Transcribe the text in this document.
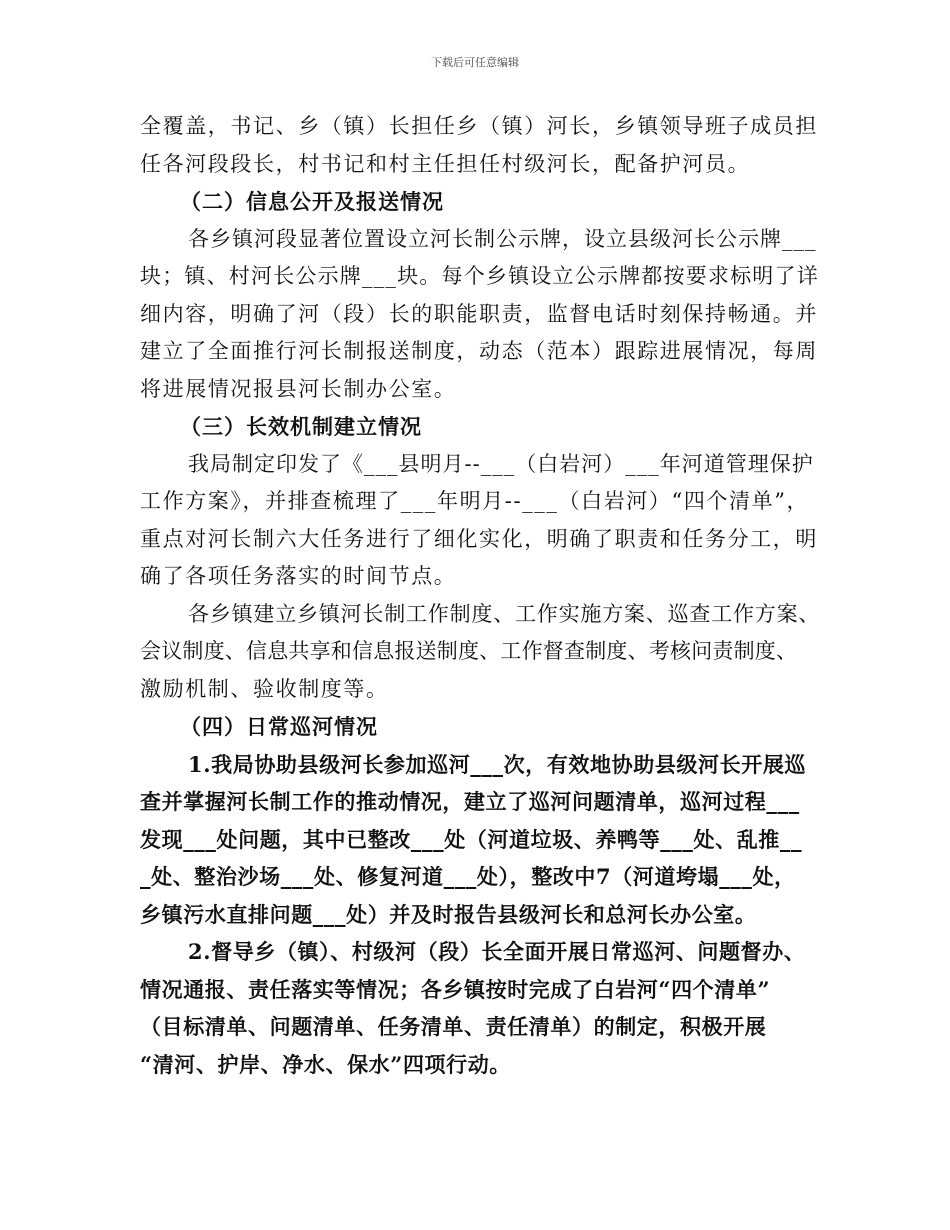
下载后可任意编辑
全覆盖，书记、乡（镇）长担任乡（镇）河长，乡镇领导班子成员担
任各河段段长，村书记和村主任担任村级河长，配备护河员。
（二）信息公开及报送情况
各乡镇河段显著位置设立河长制公示牌，设立县级河长公示牌___
块；镇、村河长公示牌___块。每个乡镇设立公示牌都按要求标明了详
细内容，明确了河（段）长的职能职责，监督电话时刻保持畅通。并
建立了全面推行河长制报送制度，动态（范本）跟踪进展情况，每周
将进展情况报县河长制办公室。
（三）长效机制建立情况
我局制定印发了《___县明月--___（白岩河）___年河道管理保护
工作方案》，并排查梳理了___年明月--___（白岩河）“四个清单”，
重点对河长制六大任务进行了细化实化，明确了职责和任务分工，明
确了各项任务落实的时间节点。
各乡镇建立乡镇河长制工作制度、工作实施方案、巡查工作方案、
会议制度、信息共享和信息报送制度、工作督查制度、考核问责制度、
激励机制、验收制度等。
（四）日常巡河情况
1.我局协助县级河长参加巡河___次，有效地协助县级河长开展巡
查并掌握河长制工作的推动情况，建立了巡河问题清单，巡河过程___
发现___处问题，其中已整改___处（河道垃圾、养鸭等___处、乱推__
_处、整治沙场___处、修复河道___处），整改中7（河道垮塌___处，
乡镇污水直排问题___处）并及时报告县级河长和总河长办公室。
2.督导乡（镇）、村级河（段）长全面开展日常巡河、问题督办、
情况通报、责任落实等情况；各乡镇按时完成了白岩河“四个清单”
（目标清单、问题清单、任务清单、责任清单）的制定，积极开展
“清河、护岸、净水、保水”四项行动。
